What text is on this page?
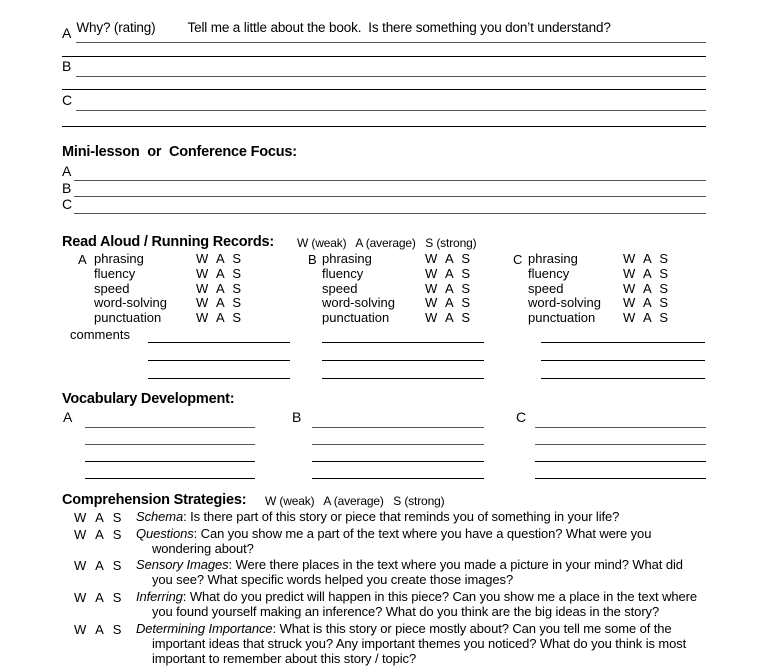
Why? (rating) Tell me a little about the book. Is there something you don’t understand?

A
B
C
Mini-lesson  or  Conference Focus:
A
B
C
Read Aloud / Running Records: W (weak)   A (average)   S (strong)
A phrasing
fluency
speed
word-solving
punctuation
W  A  S
W  A  S
W  A  S
W  A  S
W  A  S
B phrasing
fluency
speed
word-solving
punctuation
W  A  S
W  A  S
W  A  S
W  A  S
W  A  S
C phrasing
fluency
speed
word-solving
punctuation
W  A  S
W  A  S
W  A  S
W  A  S
W  A  S
comments
Vocabulary Development:
A	B	C
Comprehension Strategies: W (weak)   A (average)   S (strong)
W  A  S Schema: Is there part of this story or piece that reminds you of something in your life?
W  A  S Questions: Can you show me a part of the text where you have a question? What were you
wondering about?
W  A  S Sensory Images: Were there places in the text where you made a picture in your mind? What did
you see? What specific words helped you create those images?
W  A  S Inferring: What do you predict will happen in this piece? Can you show me a place in the text where
you found yourself making an inference? What do you think are the big ideas in the story?
W  A  S Determining Importance: What is this story or piece mostly about? Can you tell me some of the
important ideas that struck you? Any important themes you noticed? What do you think is most
important to remember about this story / topic?
